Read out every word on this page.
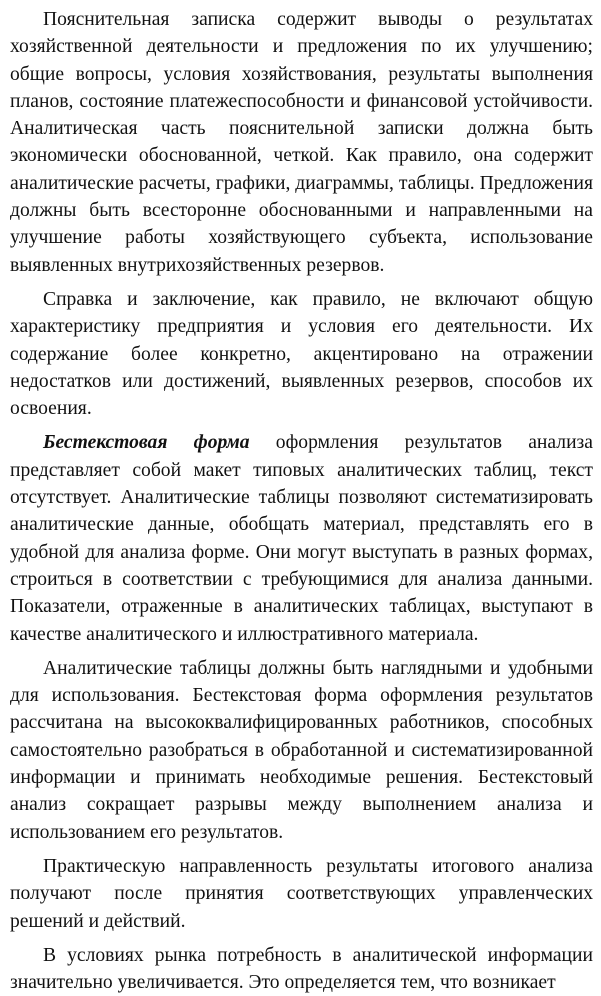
Пояснительная записка содержит выводы о результатах хозяйственной деятельности и предложения по их улучшению; общие вопросы, условия хозяйствования, результаты выполнения планов, состояние платежеспособности и финансовой устойчивости. Аналитическая часть пояснительной записки должна быть экономически обоснованной, четкой. Как правило, она содержит аналитические расчеты, графики, диаграммы, таблицы. Предложения должны быть всесторонне обоснованными и направленными на улучшение работы хозяйствующего субъекта, использование выявленных внутрихозяйственных резервов.

Справка и заключение, как правило, не включают общую характеристику предприятия и условия его деятельности. Их содержание более конкретно, акцентировано на отражении недостатков или достижений, выявленных резервов, способов их освоения.

Бестекстовая форма оформления результатов анализа представляет собой макет типовых аналитических таблиц, текст отсутствует. Аналитические таблицы позволяют систематизировать аналитические данные, обобщать материал, представлять его в удобной для анализа форме. Они могут выступать в разных формах, строиться в соответствии с требующимися для анализа данными. Показатели, отраженные в аналитических таблицах, выступают в качестве аналитического и иллюстративного материала.

Аналитические таблицы должны быть наглядными и удобными для использования. Бестекстовая форма оформления результатов рассчитана на высококвалифицированных работников, способных самостоятельно разобраться в обработанной и систематизированной информации и принимать необходимые решения. Бестекстовый анализ сокращает разрывы между выполнением анализа и использованием его результатов.

Практическую направленность результаты итогового анализа получают после принятия соответствующих управленческих решений и действий.

В условиях рынка потребность в аналитической информации значительно увеличивается. Это определяется тем, что возникает
